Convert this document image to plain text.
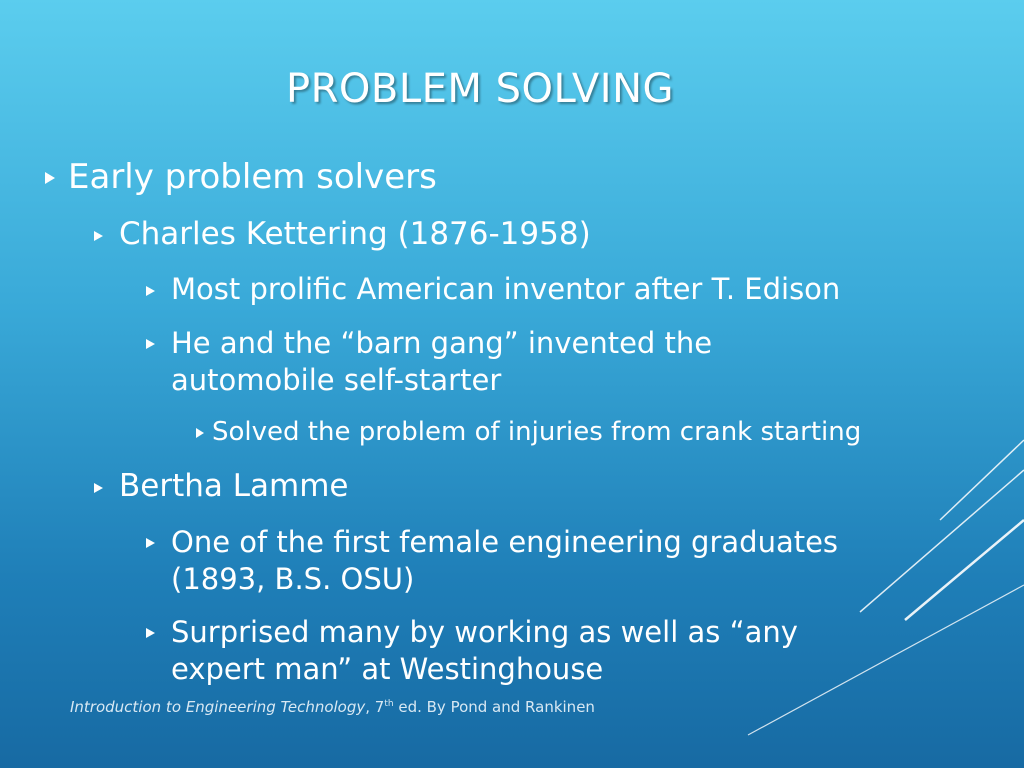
PROBLEM SOLVING
Early problem solvers
Charles Kettering (1876-1958)
Most prolific American inventor after T. Edison
He and the “barn gang” invented the
automobile self-starter
Solved the problem of injuries from crank starting
Bertha Lamme
One of the first female engineering graduates
(1893, B.S. OSU)
Surprised many by working as well as “any
expert man” at Westinghouse
Introduction to Engineering Technology, 7th ed. By Pond and Rankinen
